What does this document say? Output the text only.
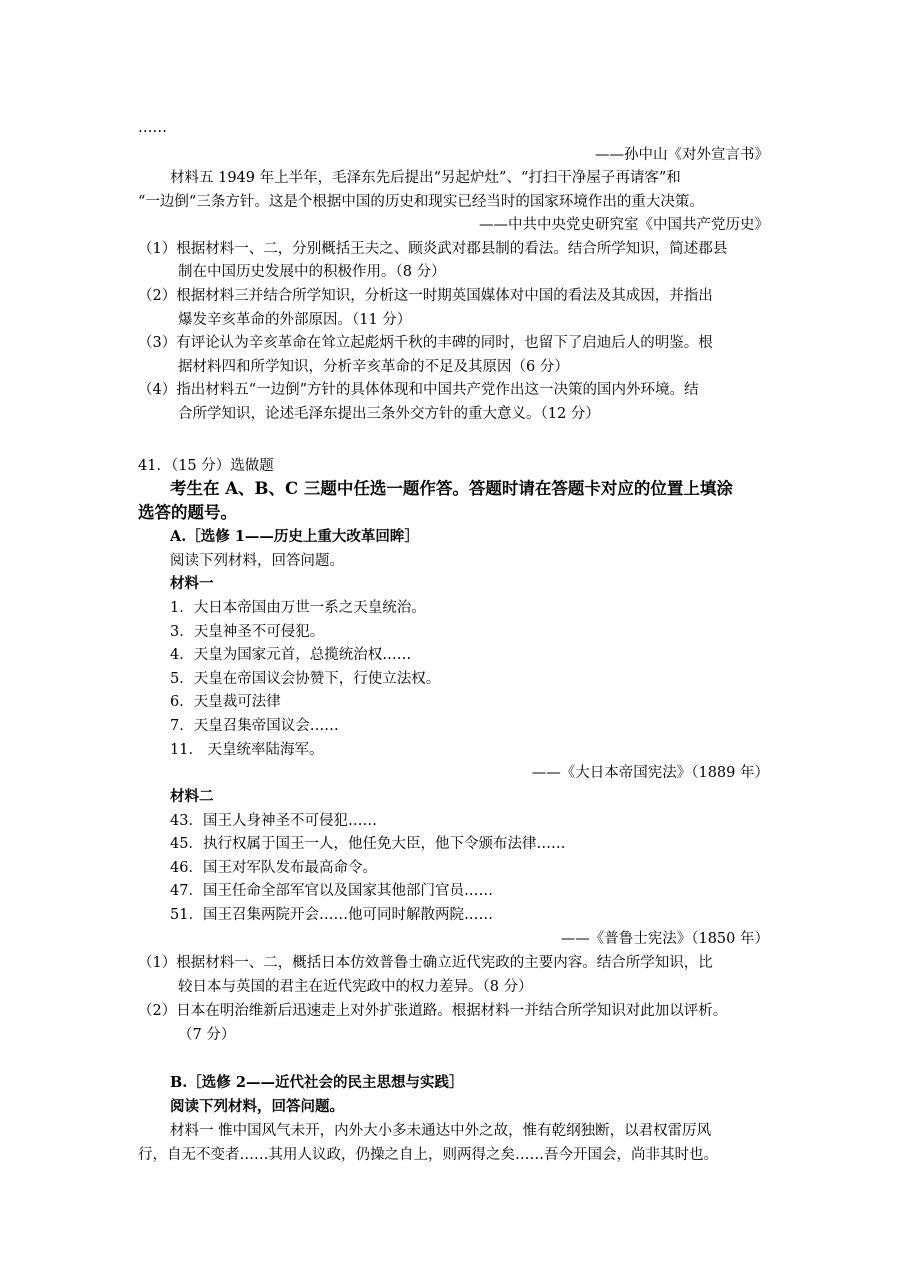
……
——孙中山《对外宣言书》
材料五 1949 年上半年，毛泽东先后提出“另起炉灶”、“打扫干净屋子再请客”和
“一边倒“三条方针。这是个根据中国的历史和现实已经当时的国家环境作出的重大决策。
——中共中央党史研究室《中国共产党历史》
（1）根据材料一、二，分别概括王夫之、顾炎武对郡县制的看法。结合所学知识，简述郡县
制在中国历史发展中的积极作用。（8 分）
（2）根据材料三并结合所学知识，分析这一时期英国媒体对中国的看法及其成因，并指出
爆发辛亥革命的外部原因。（11 分）
（3）有评论认为辛亥革命在耸立起彪炳千秋的丰碑的同时，也留下了启迪后人的明鉴。根
据材料四和所学知识，分析辛亥革命的不足及其原因（6 分）
（4）指出材料五“一边倒”方针的具体体现和中国共产党作出这一决策的国内外环境。结
合所学知识，论述毛泽东提出三条外交方针的重大意义。（12 分）
41．（15 分）选做题
考生在 A、B、C 三题中任选一题作答。答题时请在答题卡对应的位置上填涂
选答的题号。
A.［选修 1——历史上重大改革回眸］
阅读下列材料，回答问题。
材料一
1．大日本帝国由万世一系之天皇统治。
3．天皇神圣不可侵犯。
4．天皇为国家元首，总揽统治权……
5．天皇在帝国议会协赞下，行使立法权。
6．天皇裁可法律
7．天皇召集帝国议会……
11． 天皇统率陆海军。
——《大日本帝国宪法》（1889 年）
材料二
43．国王人身神圣不可侵犯……
45．执行权属于国王一人，他任免大臣，他下令颁布法律……
46．国王对军队发布最高命令。
47．国王任命全部军官以及国家其他部门官员……
51．国王召集两院开会……他可同时解散两院……
——《普鲁士宪法》（1850 年）
（1）根据材料一、二，概括日本仿效普鲁士确立近代宪政的主要内容。结合所学知识，比
较日本与英国的君主在近代宪政中的权力差异。（8 分）
（2）日本在明治维新后迅速走上对外扩张道路。根据材料一并结合所学知识对此加以评析。
（7 分）
B.［选修 2——近代社会的民主思想与实践］
阅读下列材料，回答问题。
材料一 惟中国风气未开，内外大小多未通达中外之故，惟有乾纲独断，以君权雷厉风
行，自无不变者……其用人议政，仍操之自上，则两得之矣……吾今开国会，尚非其时也。
